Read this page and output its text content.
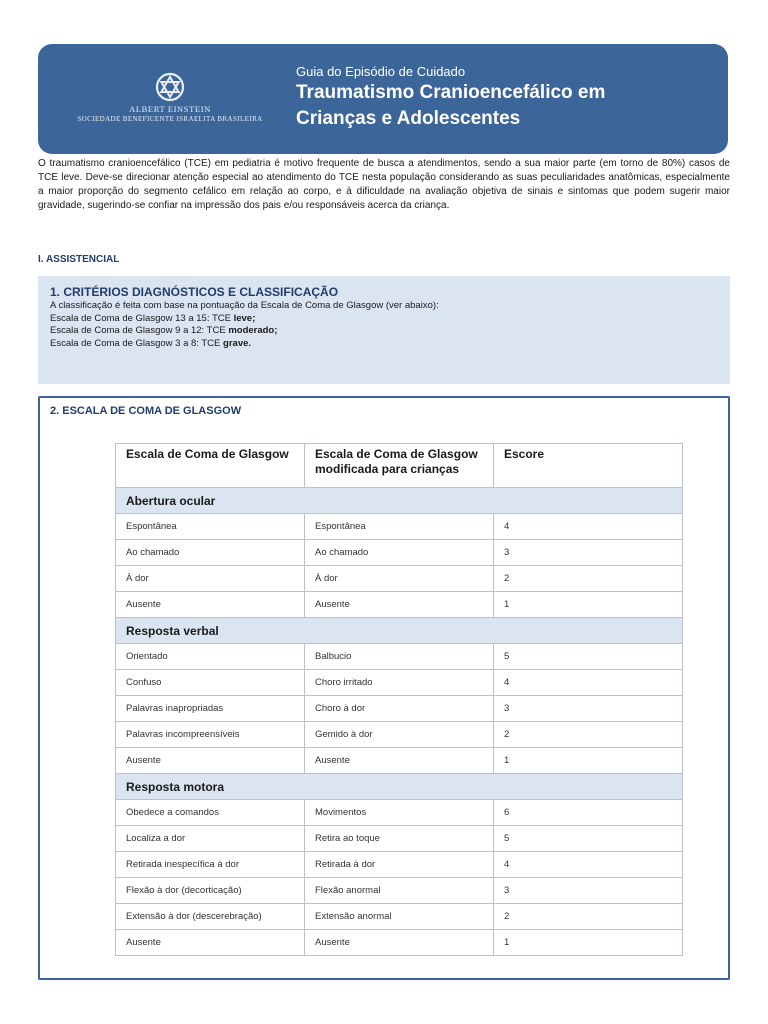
ALBERT EINSTEIN
SOCIEDADE BENEFICENTE ISRAELITA BRASILEIRA
Guia do Episódio de Cuidado
Traumatismo Cranioencefálico em
Crianças e Adolescentes

O traumatismo cranioencefálico (TCE) em pediatria é motivo frequente de busca a atendimentos, sendo a sua maior parte (em torno de 80%) casos de TCE leve. Deve-se direcionar atenção especial ao atendimento do TCE nesta população considerando as suas peculiaridades anatômicas, especialmente a maior proporção do segmento cefálico em relação ao corpo, e à dificuldade na avaliação objetiva de sinais e sintomas que podem sugerir maior gravidade, sugerindo-se confiar na impressão dos pais e/ou responsáveis acerca da criança.

I. ASSISTENCIAL
1. CRITÉRIOS DIAGNÓSTICOS E CLASSIFICAÇÃO
A classificação é feita com base na pontuação da Escala de Coma de Glasgow (ver abaixo):
Escala de Coma de Glasgow 13 a 15: TCE leve;
Escala de Coma de Glasgow 9 a 12: TCE moderado;
Escala de Coma de Glasgow 3 a 8: TCE grave.
2. ESCALA DE COMA DE GLASGOW
Escala de Coma de Glasgow	Escala de Coma de Glasgow modificada para crianças	Escore
Abertura ocular		
Espontânea	Espontânea	4
Ao chamado	Ao chamado	3
À dor	À dor	2
Ausente	Ausente	1
Resposta verbal		
Orientado	Balbucio	5
Confuso	Choro irritado	4
Palavras inapropriadas	Choro à dor	3
Palavras incompreensíveis	Gemido à dor	2
Ausente	Ausente	1
Resposta motora		
Obedece a comandos	Movimentos	6
Localiza a dor	Retira ao toque	5
Retirada inespecífica à dor	Retirada à dor	4
Flexão à dor (decorticação)	Flexão anormal	3
Extensão à dor (descerebração)	Extensão anormal	2
Ausente	Ausente	1
